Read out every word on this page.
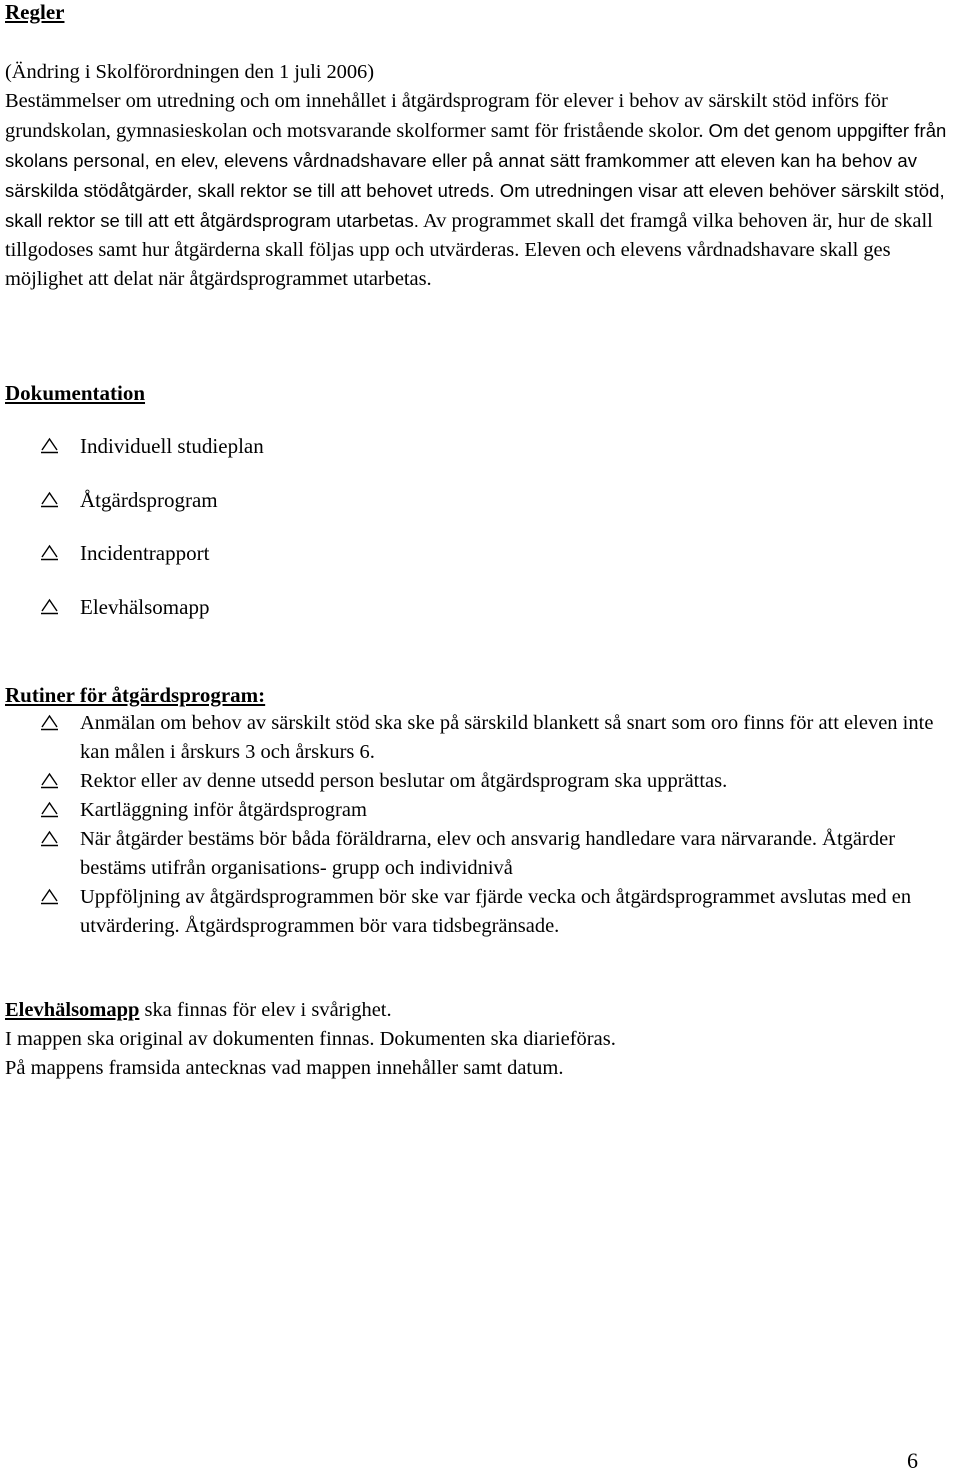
Regler
(Ändring i Skolförordningen den 1 juli 2006)
Bestämmelser om utredning och om innehållet i åtgärdsprogram för elever i behov av särskilt stöd införs för grundskolan, gymnasieskolan och motsvarande skolformer samt för fristående skolor. Om det genom uppgifter från skolans personal, en elev, elevens vårdnadshavare eller på annat sätt framkommer att eleven kan ha behov av särskilda stödåtgärder, skall rektor se till att behovet utreds. Om utredningen visar att eleven behöver särskilt stöd, skall rektor se till att ett åtgärdsprogram utarbetas. Av programmet skall det framgå vilka behoven är, hur de skall tillgodoses samt hur åtgärderna skall följas upp och utvärderas. Eleven och elevens vårdnadshavare skall ges möjlighet att delat när åtgärdsprogrammet utarbetas.
Dokumentation
Individuell studieplan
Åtgärdsprogram
Incidentrapport
Elevhälsomapp
Rutiner för åtgärdsprogram:
Anmälan om behov av särskilt stöd ska ske på särskild blankett så snart som oro finns för att eleven inte kan målen i årskurs 3 och årskurs 6.
Rektor eller av denne utsedd person beslutar om åtgärdsprogram ska upprättas.
Kartläggning inför åtgärdsprogram
När åtgärder bestäms bör båda föräldrarna, elev och ansvarig handledare vara närvarande. Åtgärder bestäms utifrån organisations- grupp och individnivå
Uppföljning av åtgärdsprogrammen bör ske var fjärde vecka och åtgärdsprogrammet avslutas med en utvärdering. Åtgärdsprogrammen bör vara tidsbegränsade.
Elevhälsomapp ska finnas för elev i svårighet.
I mappen ska original av dokumenten finnas. Dokumenten ska diarieföras.
På mappens framsida antecknas vad mappen innehåller samt datum.
6
